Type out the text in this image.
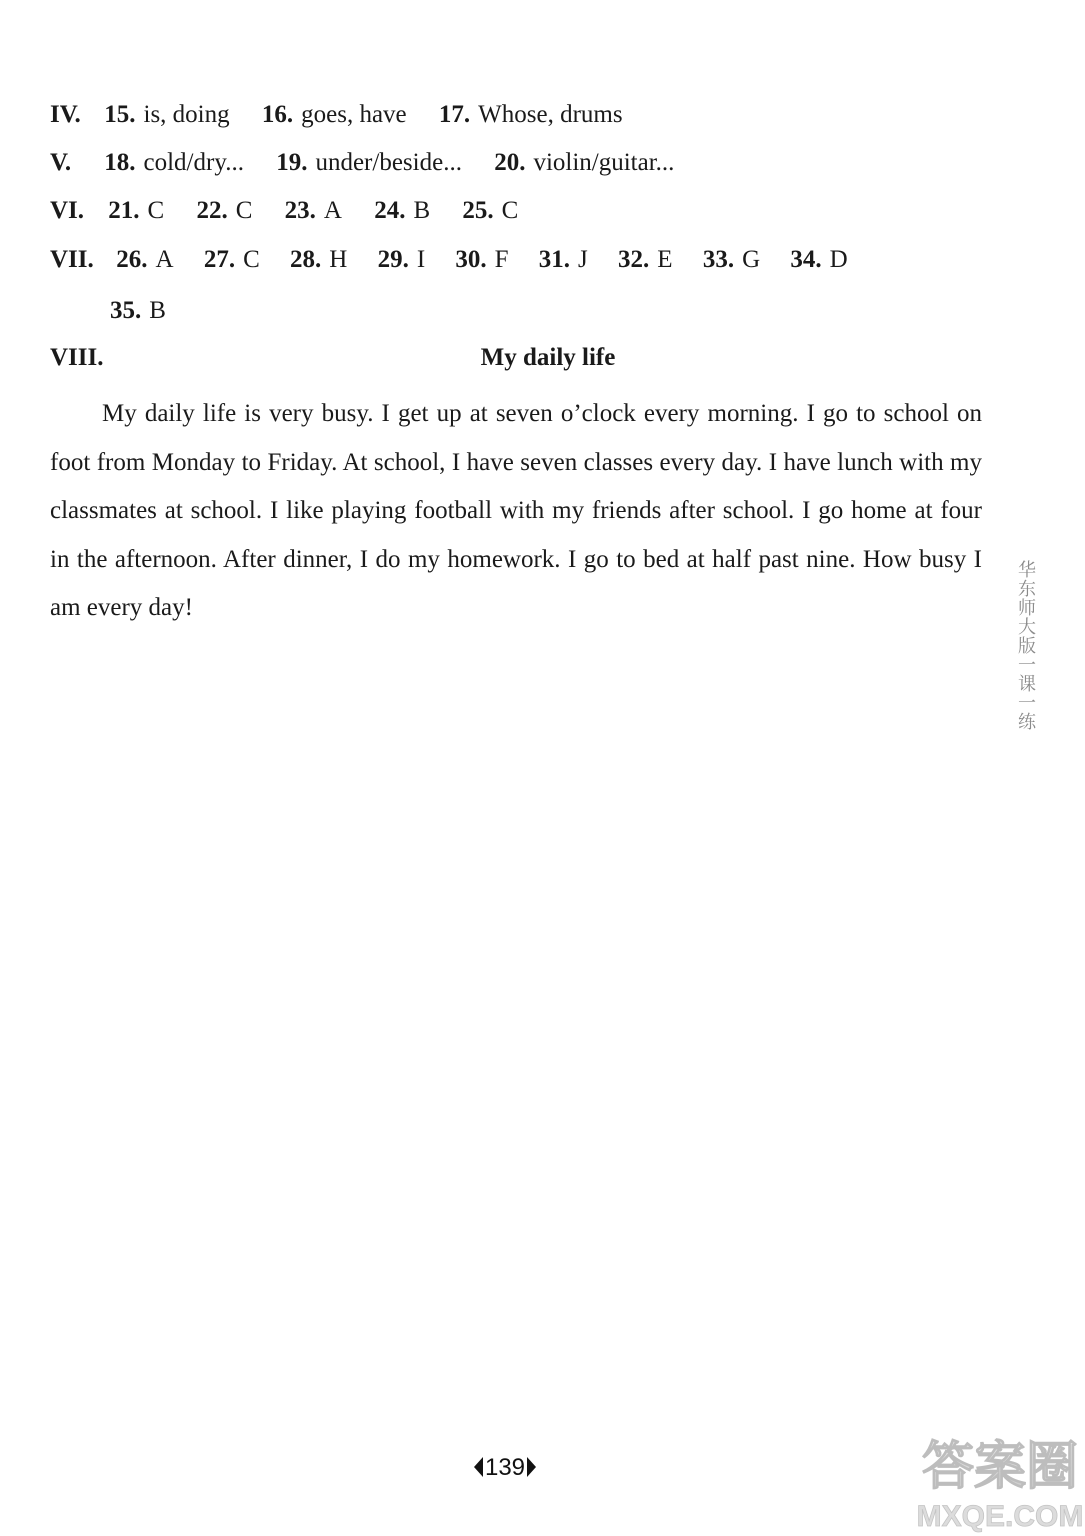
IV. 15. is, doing 16. goes, have 17. Whose, drums
V. 18. cold/dry... 19. under/beside... 20. violin/guitar...
VI. 21. C 22. C 23. A 24. B 25. C
VII. 26. A 27. C 28. H 29. I 30. F 31. J 32. E 33. G 34. D
35. B
VIII.	My daily life
My daily life is very busy. I get up at seven o’clock every morning. I go to school on foot from Monday to Friday. At school, I have seven classes every day. I have lunch with my classmates at school. I like playing football with my friends after school. I go home at four in the afternoon. After dinner, I do my homework. I go to bed at half past nine. How busy I am every day!	华东师大版一课一练
139	答案圈
MXQE.COM
